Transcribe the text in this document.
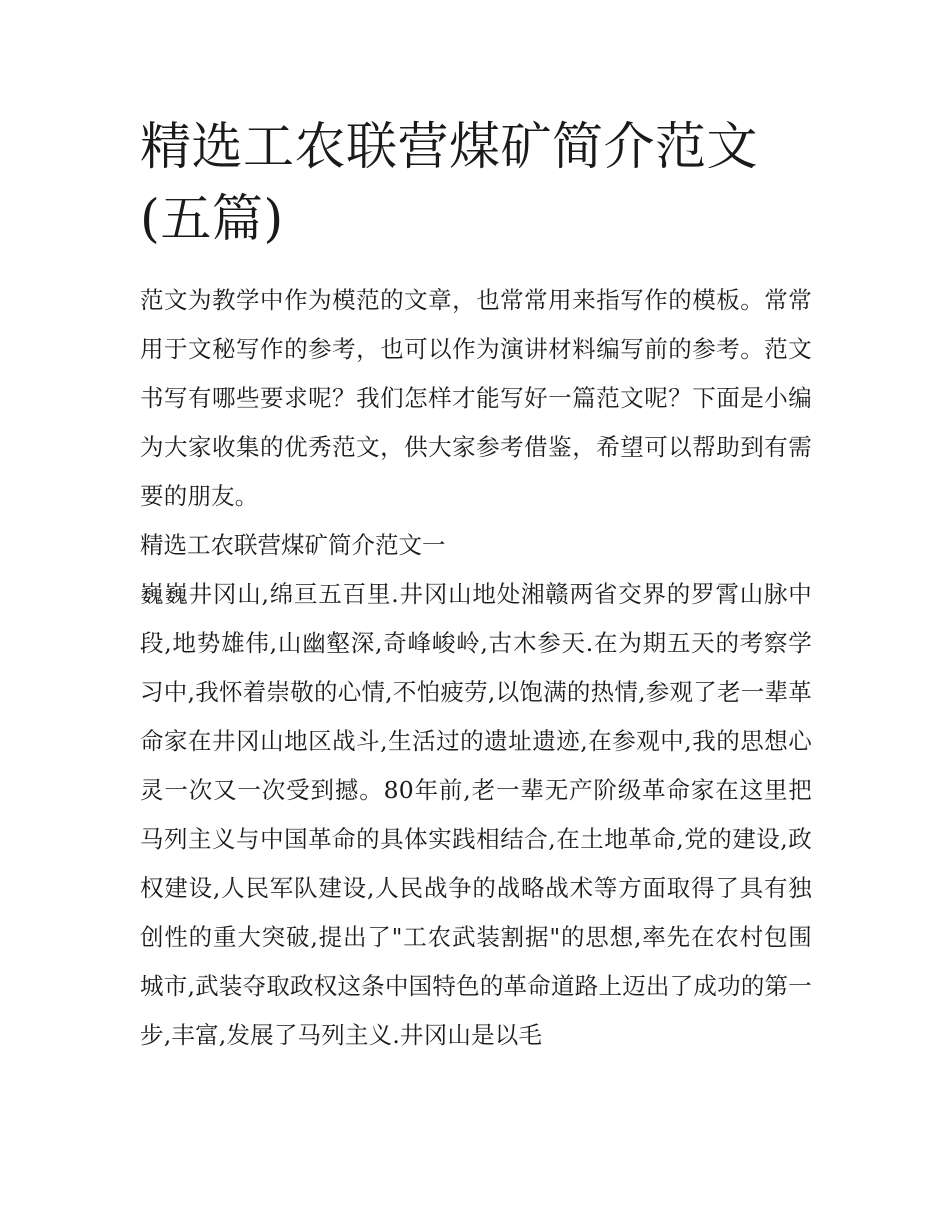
精选工农联营煤矿简介范文(五篇)

范文为教学中作为模范的文章，也常常用来指写作的模板。常常用于文秘写作的参考，也可以作为演讲材料编写前的参考。范文书写有哪些要求呢？我们怎样才能写好一篇范文呢？下面是小编为大家收集的优秀范文，供大家参考借鉴，希望可以帮助到有需要的朋友。

精选工农联营煤矿简介范文一

巍巍井冈山,绵亘五百里.井冈山地处湘赣两省交界的罗霄山脉中段,地势雄伟,山幽壑深,奇峰峻岭,古木参天.在为期五天的考察学习中,我怀着崇敬的心情,不怕疲劳,以饱满的热情,参观了老一辈革命家在井冈山地区战斗,生活过的遗址遗迹,在参观中,我的思想心灵一次又一次受到撼。80年前,老一辈无产阶级革命家在这里把马列主义与中国革命的具体实践相结合,在土地革命,党的建设,政权建设,人民军队建设,人民战争的战略战术等方面取得了具有独创性的重大突破,提出了"工农武装割据"的思想,率先在农村包围城市,武装夺取政权这条中国特色的革命道路上迈出了成功的第一步,丰富,发展了马列主义.井冈山是以毛
